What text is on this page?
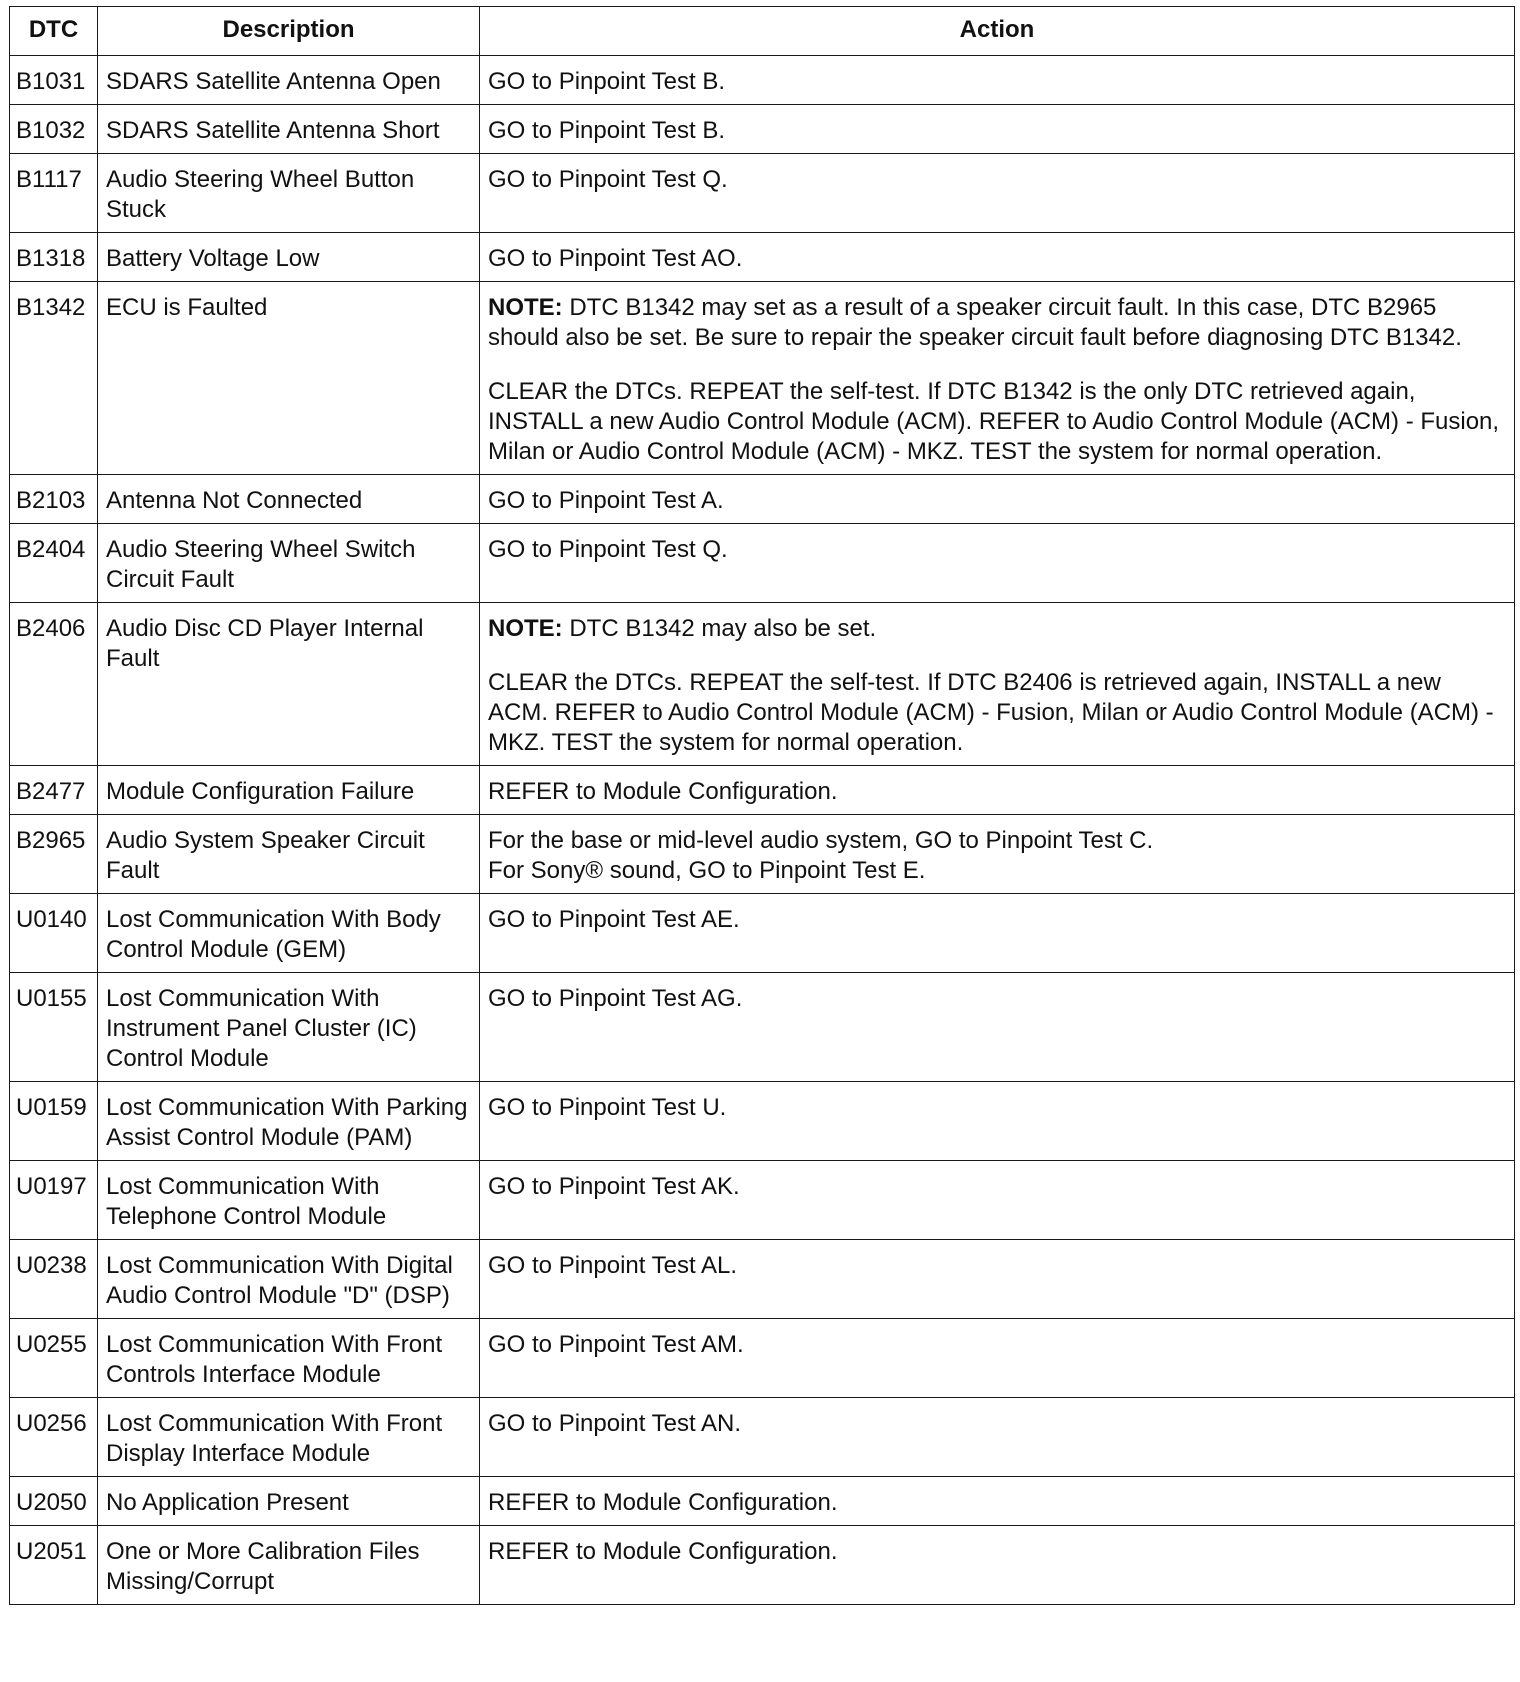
DTC	Description	Action
B1031	SDARS Satellite Antenna Open	GO to Pinpoint Test B.

B1032	SDARS Satellite Antenna Short	GO to Pinpoint Test B.

B1117	Audio Steering Wheel Button Stuck	GO to Pinpoint Test Q.

B1318	Battery Voltage Low	GO to Pinpoint Test AO.

B1342	ECU is Faulted	NOTE: DTC B1342 may set as a result of a speaker circuit fault. In this case, DTC B2965 should also be set. Be sure to repair the speaker circuit fault before diagnosing DTC B1342.

CLEAR the DTCs. REPEAT the self-test. If DTC B1342 is the only DTC retrieved again, INSTALL a new Audio Control Module (ACM). REFER to Audio Control Module (ACM) - Fusion, Milan or Audio Control Module (ACM) - MKZ. TEST the system for normal operation.

B2103	Antenna Not Connected	GO to Pinpoint Test A.

B2404	Audio Steering Wheel Switch Circuit Fault	GO to Pinpoint Test Q.

B2406	Audio Disc CD Player Internal Fault	NOTE: DTC B1342 may also be set.

CLEAR the DTCs. REPEAT the self-test. If DTC B2406 is retrieved again, INSTALL a new ACM. REFER to Audio Control Module (ACM) - Fusion, Milan or Audio Control Module (ACM) - MKZ. TEST the system for normal operation.

B2477	Module Configuration Failure	REFER to Module Configuration.

B2965	Audio System Speaker Circuit Fault	For the base or mid-level audio system, GO to Pinpoint Test C.
For Sony® sound, GO to Pinpoint Test E.

U0140	Lost Communication With Body Control Module (GEM)	GO to Pinpoint Test AE.

U0155	Lost Communication With Instrument Panel Cluster (IC) Control Module	GO to Pinpoint Test AG.

U0159	Lost Communication With Parking Assist Control Module (PAM)	GO to Pinpoint Test U.

U0197	Lost Communication With Telephone Control Module	GO to Pinpoint Test AK.

U0238	Lost Communication With Digital Audio Control Module "D" (DSP)	GO to Pinpoint Test AL.

U0255	Lost Communication With Front Controls Interface Module	GO to Pinpoint Test AM.

U0256	Lost Communication With Front Display Interface Module	GO to Pinpoint Test AN.

U2050	No Application Present	REFER to Module Configuration.

U2051	One or More Calibration Files Missing/Corrupt	REFER to Module Configuration.
